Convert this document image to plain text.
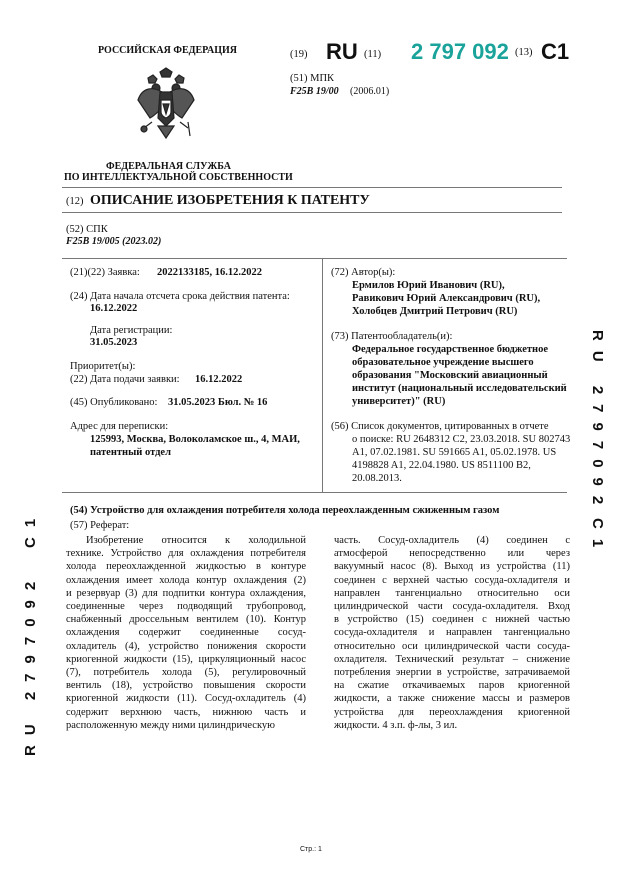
РОССИЙСКАЯ ФЕДЕРАЦИЯ
ФЕДЕРАЛЬНАЯ СЛУЖБА
ПО ИНТЕЛЛЕКТУАЛЬНОЙ СОБСТВЕННОСТИ
(19) RU (11) 2 797 092 (13) C1
(51) МПК
F25B 19/00 (2006.01)
(12) ОПИСАНИЕ ИЗОБРЕТЕНИЯ К ПАТЕНТУ
(52) СПК
F25B 19/005 (2023.02)
(21)(22) Заявка: 2022133185, 16.12.2022
(24) Дата начала отсчета срока действия патента:
16.12.2022
Дата регистрации:
31.05.2023
Приоритет(ы):
(22) Дата подачи заявки: 16.12.2022
(45) Опубликовано: 31.05.2023 Бюл. № 16
Адрес для переписки:
125993, Москва, Волоколамское ш., 4, МАИ,
патентный отдел
(72) Автор(ы):
Ермилов Юрий Иванович (RU),
Равикович Юрий Александрович (RU),
Холобцев Дмитрий Петрович (RU)
(73) Патентообладатель(и):
Федеральное государственное бюджетное
образовательное учреждение высшего
образования "Московский авиационный
институт (национальный исследовательский
университет)" (RU)
(56) Список документов, цитированных в отчете
о поиске: RU 2648312 C2, 23.03.2018. SU 802743
A1, 07.02.1981. SU 591665 A1, 05.02.1978. US
4198828 A1, 22.04.1980. US 8511100 B2,
20.08.2013.
(54) Устройство для охлаждения потребителя холода переохлажденным сжиженным газом
(57) Реферат:
Изобретение относится к холодильной
технике. Устройство для охлаждения потребителя
холода переохлажденной жидкостью в контуре
охлаждения имеет холода контур охлаждения (2)
и резервуар (3) для подпитки контура охлаждения,
соединенные через подводящий трубопровод,
снабженный дроссельным вентилем (10). Контур
охлаждения содержит соединенные сосуд-
охладитель (4), устройство понижения скорости
криогенной жидкости (15), циркуляционный насос
(7), потребитель холода (5), регулировочный
вентиль (18), устройство повышения скорости
криогенной жидкости (11). Сосуд-охладитель (4)
содержит верхнюю часть, нижнюю часть и
расположенную между ними цилиндрическую
часть. Сосуд-охладитель (4) соединен с
атмосферой непосредственно или через
вакуумный насос (8). Выход из устройства (11)
соединен с верхней частью сосуда-охладителя и
направлен тангенциально относительно оси
цилиндрической части сосуда-охладителя. Вход
в устройство (15) соединен с нижней частью
сосуда-охладителя и направлен тангенциально
относительно оси цилиндрической части сосуда-
охладителя. Технический результат – снижение
потребления энергии в устройстве, затрачиваемой
на сжатие откачиваемых паров криогенной
жидкости, а также снижение массы и размеров
устройства для переохлаждения криогенной
жидкости. 4 з.п. ф-лы, 3 ил.
RU 2797092
C1
RU 2797092
C1
Стр.: 1
